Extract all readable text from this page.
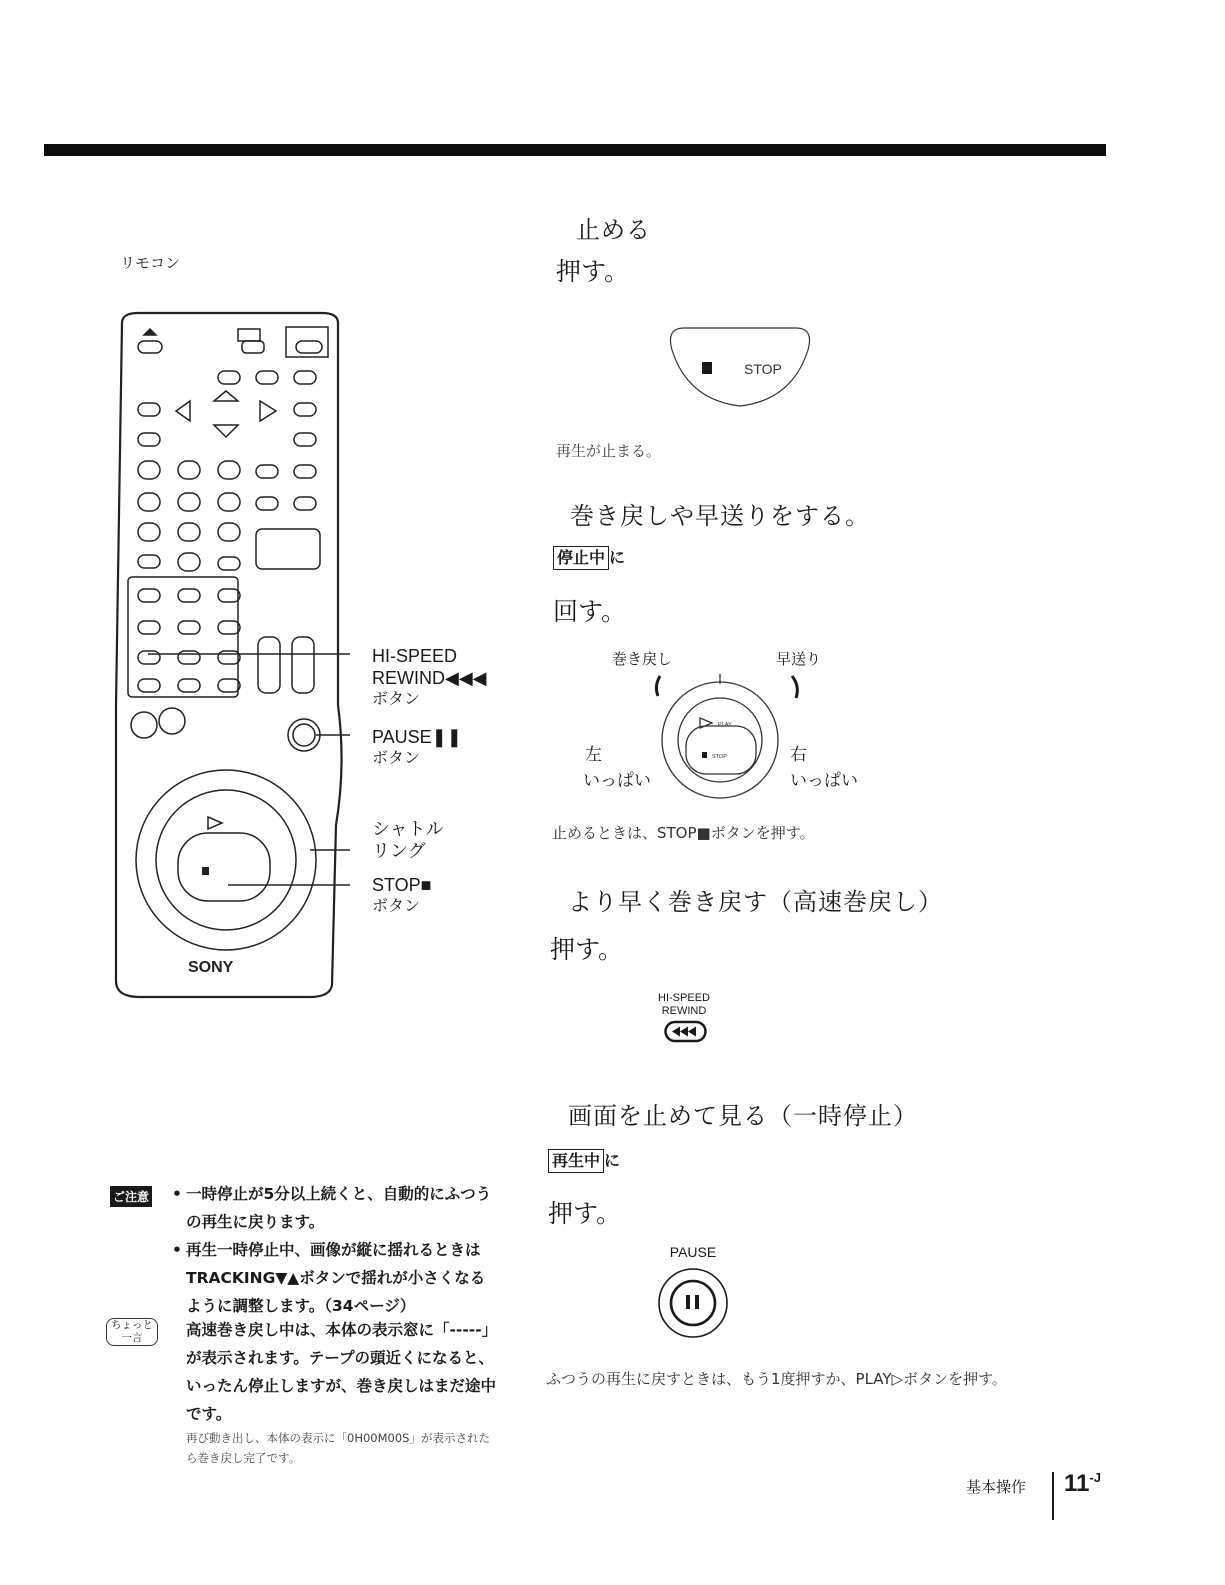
リモコン
SONY
HI-SPEED
REWIND◀◀◀
ボタン
PAUSE❚❚
ボタン
シャトル
リング
STOP■
ボタン
ご注意 • 一時停止が5分以上続くと、自動的にふつうの再生に戻ります。
• 再生一時停止中、画像が縦に揺れるときはTRACKING▼▲ボタンで揺れが小さくなるように調整します。（34ページ）
ちょっと
一言	高速巻き戻し中は、本体の表示窓に「-----」が表示されます。テープの頭近くになると、いったん停止しますが、巻き戻しはまだ途中です。
再び動き出し、本体の表示に「0H00M00S」が表示されたら巻き戻し完了です。
止める
押す。
STOP
再生が止まる。
巻き戻しや早送りをする。
停止中 に
回す。
巻き戻し	早送り
PLAY
STOP
左
いっぱい
右
いっぱい
止めるときは、STOP■ボタンを押す。
より早く巻き戻す（高速巻戻し）
押す。
HI-SPEED
REWIND
画面を止めて見る（一時停止）
再生中 に
押す。
PAUSE
ふつうの再生に戻すときは、もう1度押すか、PLAY▷ボタンを押す。
基本操作 $11^{-J}$
